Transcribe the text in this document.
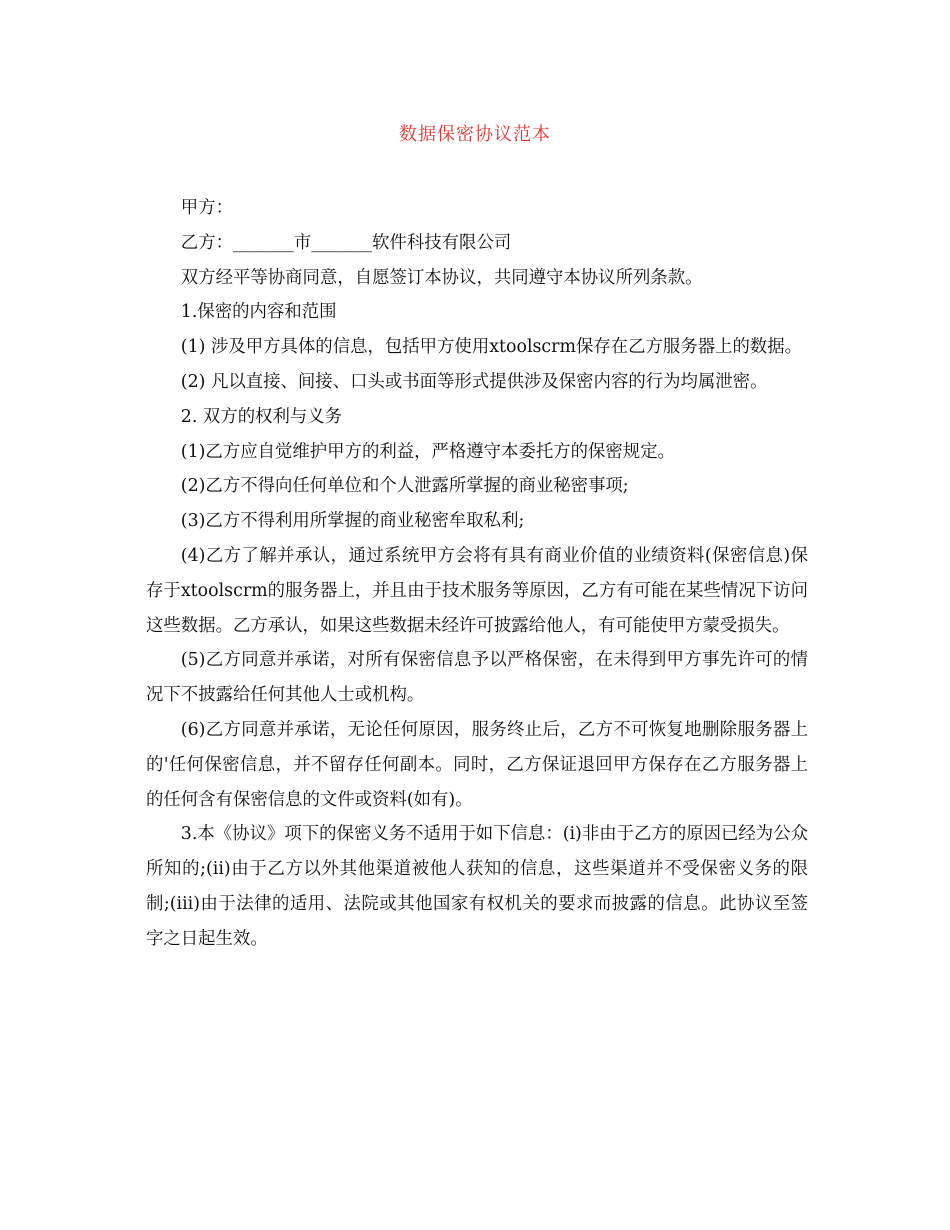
数据保密协议范本

甲方：

乙方：_______市_______软件科技有限公司

双方经平等协商同意，自愿签订本协议，共同遵守本协议所列条款。

1.保密的内容和范围

(1) 涉及甲方具体的信息，包括甲方使用xtoolscrm保存在乙方服务器上的数据。

(2) 凡以直接、间接、口头或书面等形式提供涉及保密内容的行为均属泄密。

2. 双方的权利与义务

(1)乙方应自觉维护甲方的利益，严格遵守本委托方的保密规定。

(2)乙方不得向任何单位和个人泄露所掌握的商业秘密事项;

(3)乙方不得利用所掌握的商业秘密牟取私利;

(4)乙方了解并承认，通过系统甲方会将有具有商业价值的业绩资料(保密信息)保存于xtoolscrm的服务器上，并且由于技术服务等原因，乙方有可能在某些情况下访问这些数据。乙方承认，如果这些数据未经许可披露给他人，有可能使甲方蒙受损失。

(5)乙方同意并承诺，对所有保密信息予以严格保密，在未得到甲方事先许可的情况下不披露给任何其他人士或机构。

(6)乙方同意并承诺，无论任何原因，服务终止后，乙方不可恢复地删除服务器上的'任何保密信息，并不留存任何副本。同时，乙方保证退回甲方保存在乙方服务器上的任何含有保密信息的文件或资料(如有)。

3.本《协议》项下的保密义务不适用于如下信息：(i)非由于乙方的原因已经为公众所知的;(ii)由于乙方以外其他渠道被他人获知的信息，这些渠道并不受保密义务的限制;(iii)由于法律的适用、法院或其他国家有权机关的要求而披露的信息。此协议至签字之日起生效。
